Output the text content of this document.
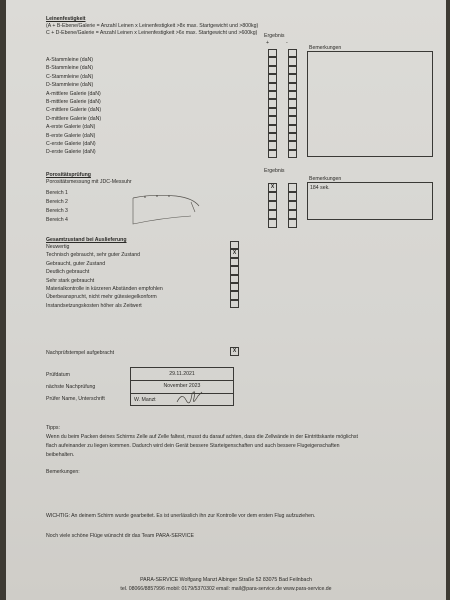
Leinenfestigkeit
(A + B-Ebene/Galerie = Anzahl Leinen x Leinenfestigkeit >8x max. Startgewicht und >800kg)
C + D-Ebene/Galerie = Anzahl Leinen x Leinenfestigkeit >6x max. Startgewicht und >600kg) Ergebnis
+	-
Bemerkungen
A-Stammleine (daN)
B-Stammleine (daN)
C-Stammleine (daN)
D-Stammleine (daN)
A-mittlere Galerie (daN)
B-mittlere Galerie (daN)
C-mittlere Galerie (daN)
D-mittlere Galerie (daN)
A-erste Galerie (daN)
B-erste Galerie (daN)
C-erste Galerie (daN)
D-erste Galerie (daN)
Porositätsprüfung
Porositätsmessung mit JDC-Messuhr
Ergebnis
Bemerkungen
184 sek.
Bereich 1
Bereich 2
Bereich 3
Bereich 4
X
Gesamtzustand bei Auslieferung
Neuwertig
Technisch gebraucht, sehr guter Zustand
Gebraucht, guter Zustand
Deutlich gebraucht
Sehr stark gebraucht
Materialkontrolle in kürzeren Abständen empfohlen
Überbeansprucht, nicht mehr gütesiegelkonform
Instandsetzungskosten höher als Zeitwert
X
Nachprüfstempel aufgebracht	X
Prüfdatum
nächste Nachprüfung
Prüfer Name, Unterschrift
29.11.2021
November 2023
W. Manzt
Tipps:
Wenn du beim Packen deines Schirms Zelle auf Zelle faltest, musst du darauf achten, dass die Zellwände in der Eintrittskante möglichst
flach aufeinander zu liegen kommen. Dadurch wird dein Gerät bessere Starteigenschaften und auch bessere Flugeigenschaften
beibehalten.
Bemerkungen:
WICHTIG: An deinem Schirm wurde gearbeitet. Es ist unerlässlich ihn zur Kontrolle vor dem ersten Flug aufzuziehen.
Noch viele schöne Flüge wünscht dir das Team PARA-SERVICE
PARA-SERVICE Wolfgang Manzt Albinger Straße 52 83075 Bad Feilnbach
tel. 08066/8857996 mobil: 0179/5370302 email: mail@para-service.de www.para-service.de
